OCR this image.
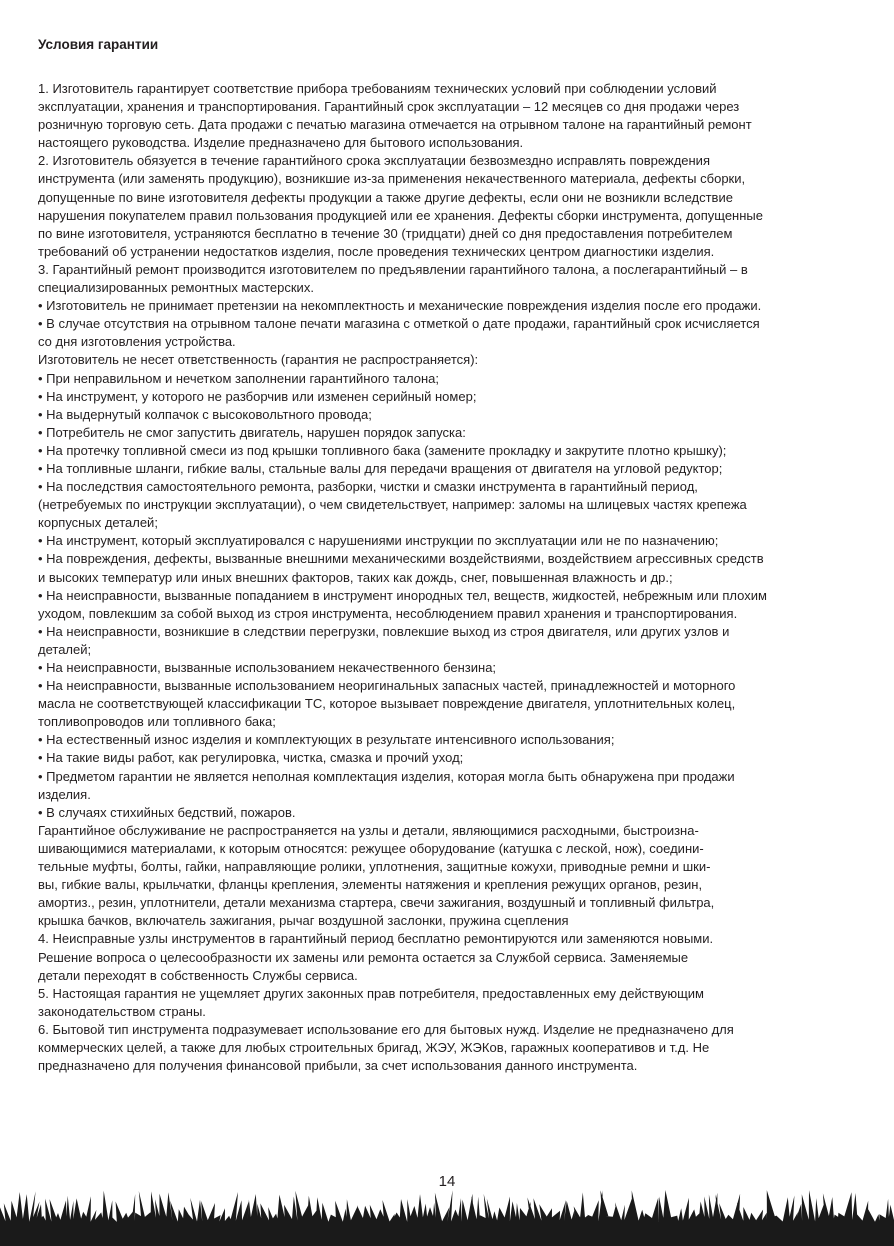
Условия гарантии
1. Изготовитель гарантирует соответствие прибора требованиям технических условий при соблюдении условий
эксплуатации, хранения и транспортирования. Гарантийный срок эксплуатации – 12 месяцев со дня продажи через
розничную торговую сеть. Дата продажи с печатью магазина отмечается на отрывном талоне на гарантийный ремонт
настоящего руководства. Изделие предназначено для бытового использования.
2. Изготовитель обязуется в течение гарантийного срока эксплуатации безвозмездно исправлять повреждения
инструмента (или заменять продукцию), возникшие из-за применения некачественного материала, дефекты сборки,
допущенные по вине изготовителя дефекты продукции а также другие дефекты, если они не возникли вследствие
нарушения покупателем правил пользования продукцией или ее хранения. Дефекты сборки инструмента, допущенные
по вине изготовителя, устраняются бесплатно в течение 30 (тридцати) дней со дня предоставления потребителем
требований об устранении недостатков изделия, после проведения технических центром диагностики изделия.
3. Гарантийный ремонт производится изготовителем по предъявлении гарантийного талона, а послегарантийный – в
специализированных ремонтных мастерских.
• Изготовитель не принимает претензии на некомплектность и механические повреждения изделия после его продажи.
• В случае отсутствия на отрывном талоне печати магазина с отметкой о дате продажи, гарантийный срок исчисляется
со дня изготовления устройства.
Изготовитель не несет ответственность (гарантия не распространяется):
• При неправильном и нечетком заполнении гарантийного талона;
• На инструмент, у которого не разборчив или изменен серийный номер;
• На выдернутый колпачок с высоковольтного провода;
• Потребитель не смог запустить двигатель, нарушен порядок запуска:
• На протечку топливной смеси из под крышки топливного бака (замените прокладку и закрутите плотно крышку);
• На топливные шланги, гибкие валы, стальные валы для передачи вращения от двигателя на угловой редуктор;
• На последствия самостоятельного ремонта, разборки, чистки и смазки инструмента в гарантийный период,
(нетребуемых по инструкции эксплуатации), о чем свидетельствует, например: заломы на шлицевых частях крепежа
корпусных деталей;
• На инструмент, который эксплуатировался с нарушениями инструкции по эксплуатации или не по назначению;
• На повреждения, дефекты, вызванные внешними механическими воздействиями, воздействием агрессивных средств
и высоких температур или иных внешних факторов, таких как дождь, снег, повышенная влажность и др.;
• На неисправности, вызванные попаданием в инструмент инородных тел, веществ, жидкостей, небрежным или плохим
уходом, повлекшим за собой выход из строя инструмента, несоблюдением правил хранения и транспортирования.
• На неисправности, возникшие в следствии перегрузки, повлекшие выход из строя двигателя, или других узлов и
деталей;
• На неисправности, вызванные использованием некачественного бензина;
• На неисправности, вызванные использованием неоригинальных запасных частей, принадлежностей и моторного
масла не соответствующей классификации ТС, которое вызывает повреждение двигателя, уплотнительных колец,
топливопроводов или топливного бака;
• На естественный износ изделия и комплектующих в результате интенсивного использования;
• На такие виды работ, как регулировка, чистка, смазка и прочий уход;
• Предметом гарантии не является неполная комплектация изделия, которая могла быть обнаружена при продажи
изделия.
• В случаях стихийных бедствий, пожаров.
Гарантийное обслуживание не распространяется на узлы и детали, являющимися расходными, быстроизна-
шивающимися материалами, к которым относятся: режущее оборудование (катушка с леской, нож), соедини-
тельные муфты, болты, гайки, направляющие ролики, уплотнения, защитные кожухи, приводные ремни и шки-
вы, гибкие валы, крыльчатки, фланцы крепления, элементы натяжения и крепления режущих органов, резин,
амортиз., резин, уплотнители, детали механизма стартера, свечи зажигания, воздушный и топливный фильтра,
крышка бачков, включатель зажигания, рычаг воздушной заслонки, пружина сцепления
4. Неисправные узлы инструментов в гарантийный период бесплатно ремонтируются или заменяются новыми.
Решение вопроса о целесообразности их замены или ремонта остается за Службой сервиса. Заменяемые
детали переходят в собственность Службы сервиса.
5. Настоящая гарантия не ущемляет других законных прав потребителя, предоставленных ему действующим
законодательством страны.
6. Бытовой тип инструмента подразумевает использование его для бытовых нужд. Изделие не предназначено для
коммерческих целей, а также для любых строительных бригад, ЖЭУ, ЖЭКов, гаражных кооперативов и т.д. Не
предназначено для получения финансовой прибыли, за счет использования данного инструмента.
14
